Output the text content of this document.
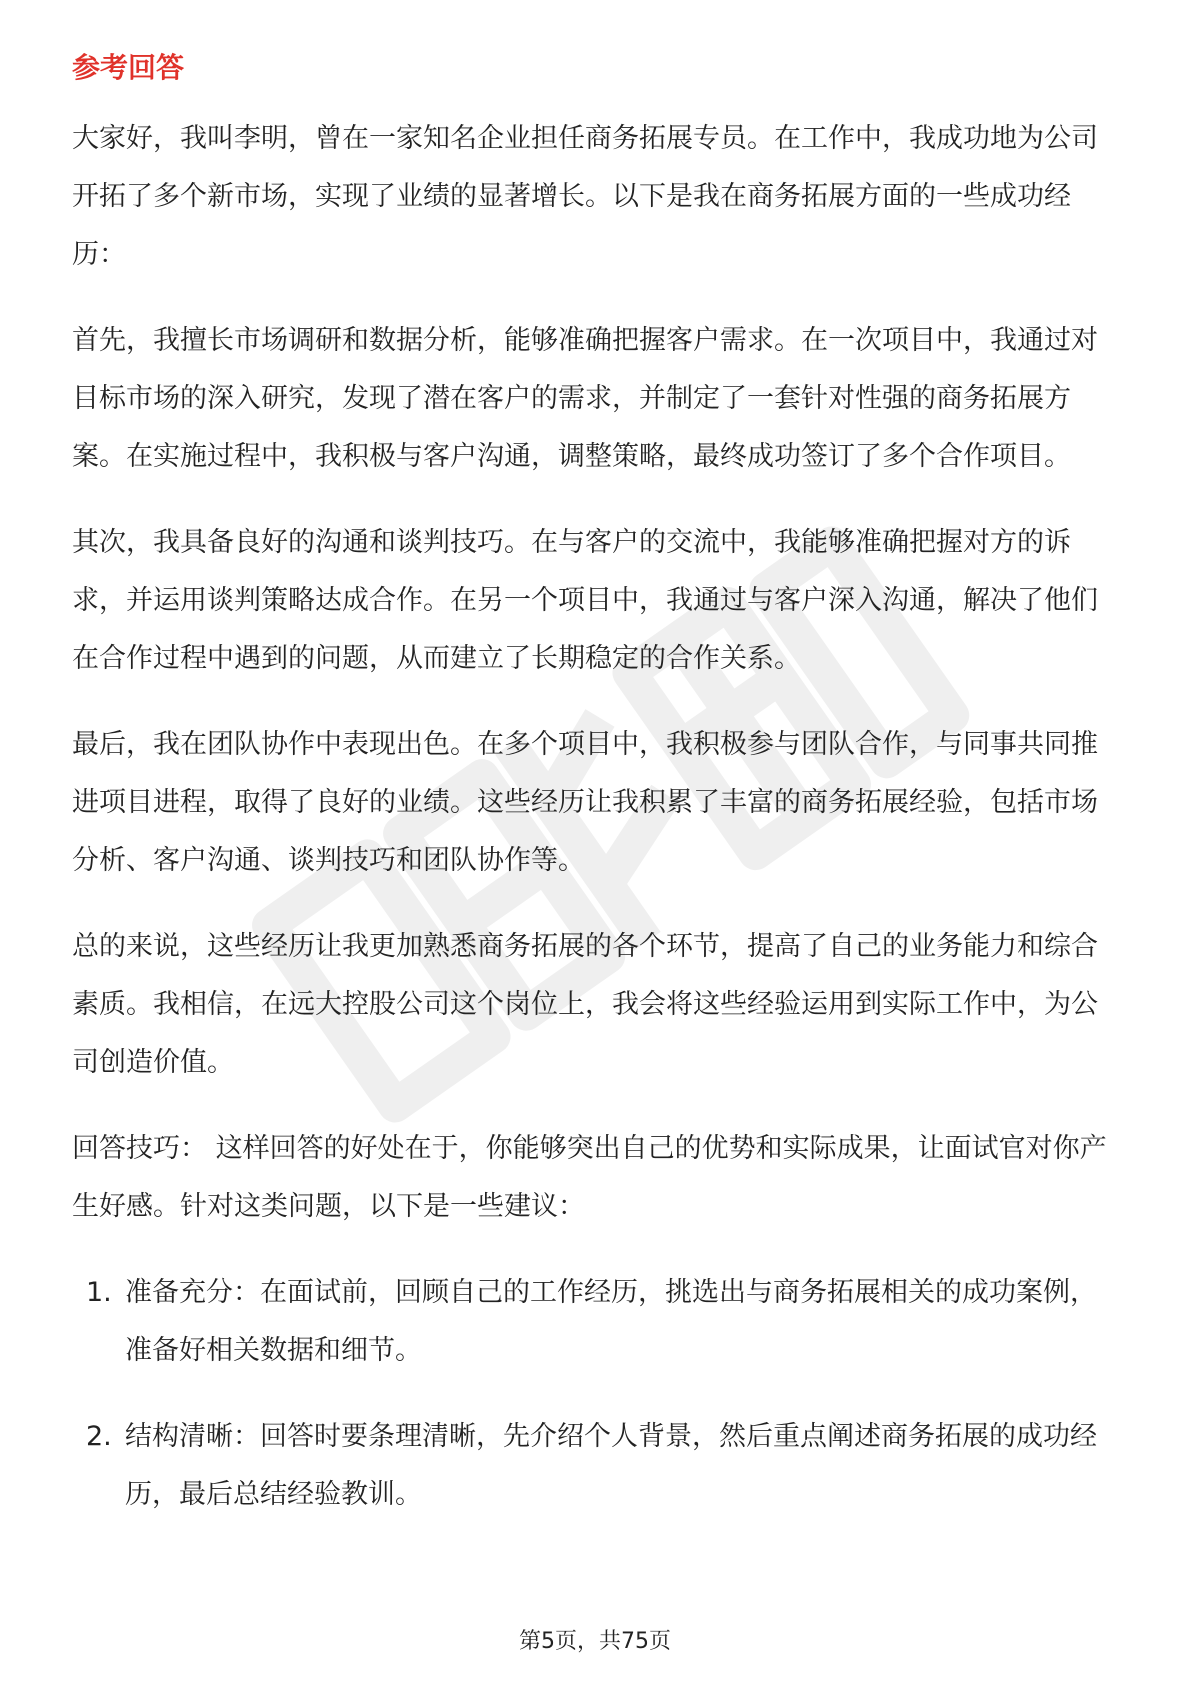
参考回答

大家好，我叫李明，曾在一家知名企业担任商务拓展专员。在工作中，我成功地为公司开拓了多个新市场，实现了业绩的显著增长。以下是我在商务拓展方面的一些成功经历：

首先，我擅长市场调研和数据分析，能够准确把握客户需求。在一次项目中，我通过对目标市场的深入研究，发现了潜在客户的需求，并制定了一套针对性强的商务拓展方案。在实施过程中，我积极与客户沟通，调整策略，最终成功签订了多个合作项目。

其次，我具备良好的沟通和谈判技巧。在与客户的交流中，我能够准确把握对方的诉求，并运用谈判策略达成合作。在另一个项目中，我通过与客户深入沟通，解决了他们在合作过程中遇到的问题，从而建立了长期稳定的合作关系。

最后，我在团队协作中表现出色。在多个项目中，我积极参与团队合作，与同事共同推进项目进程，取得了良好的业绩。这些经历让我积累了丰富的商务拓展经验，包括市场分析、客户沟通、谈判技巧和团队协作等。

总的来说，这些经历让我更加熟悉商务拓展的各个环节，提高了自己的业务能力和综合素质。我相信，在远大控股公司这个岗位上，我会将这些经验运用到实际工作中，为公司创造价值。

回答技巧： 这样回答的好处在于，你能够突出自己的优势和实际成果，让面试官对你产生好感。针对这类问题，以下是一些建议：

1. 准备充分：在面试前，回顾自己的工作经历，挑选出与商务拓展相关的成功案例，准备好相关数据和细节。
2. 结构清晰：回答时要条理清晰，先介绍个人背景，然后重点阐述商务拓展的成功经历，最后总结经验教训。
第5页，共75页
